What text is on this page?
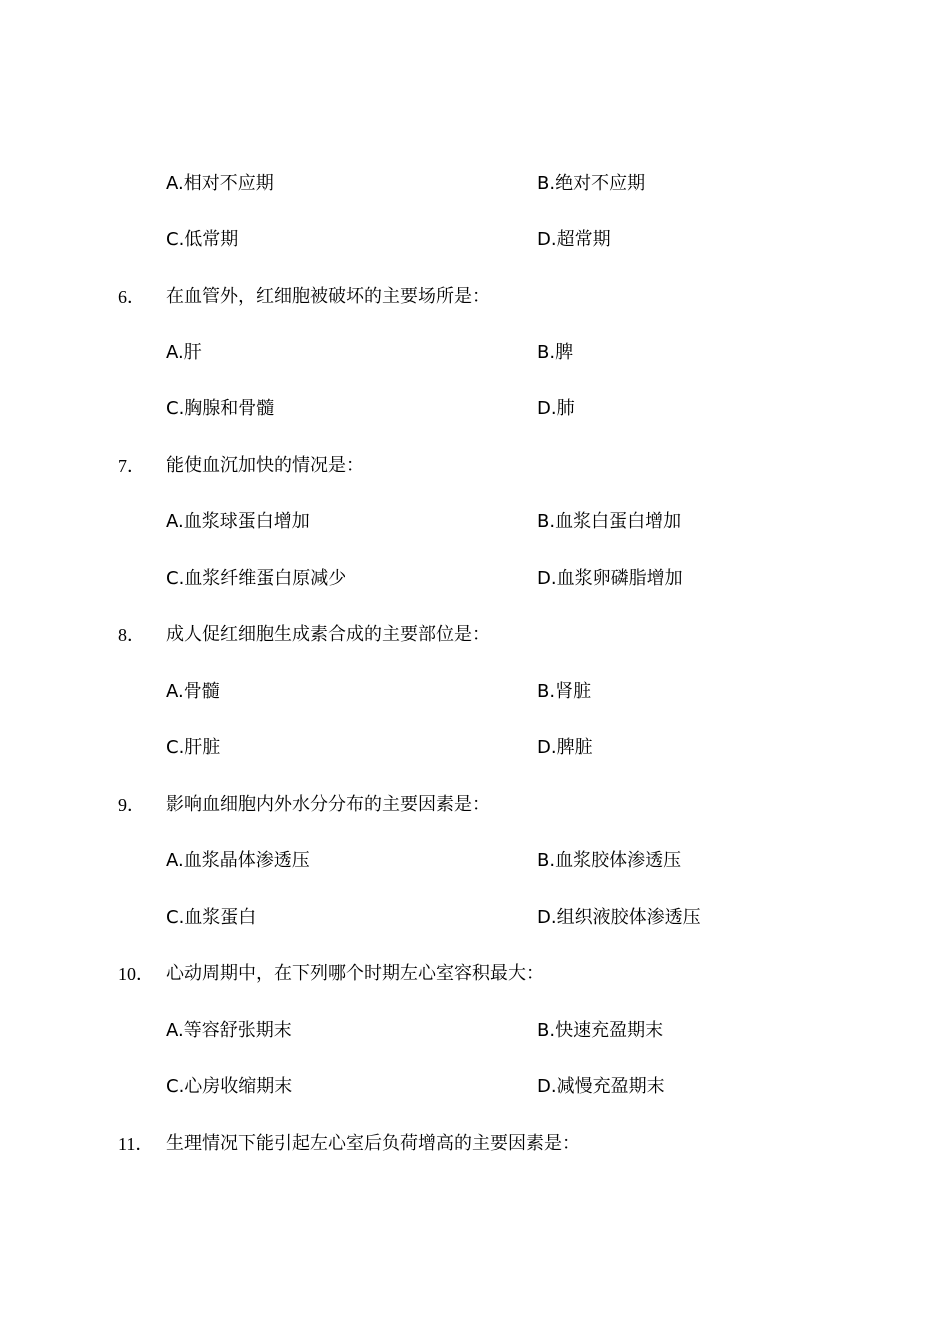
A.相对不应期	B.绝对不应期
C.低常期	D.超常期
6． 在血管外，红细胞被破坏的主要场所是：
A.肝	B.脾
C.胸腺和骨髓	D.肺
7． 能使血沉加快的情况是：
A.血浆球蛋白增加	B.血浆白蛋白增加
C.血浆纤维蛋白原减少	D.血浆卵磷脂增加
8． 成人促红细胞生成素合成的主要部位是：
A.骨髓	B.肾脏
C.肝脏	D.脾脏
9． 影响血细胞内外水分分布的主要因素是：
A.血浆晶体渗透压	B.血浆胶体渗透压
C.血浆蛋白	D.组织液胶体渗透压
10． 心动周期中，在下列哪个时期左心室容积最大：
A.等容舒张期末	B.快速充盈期末
C.心房收缩期末	D.减慢充盈期末
11． 生理情况下能引起左心室后负荷增高的主要因素是：
